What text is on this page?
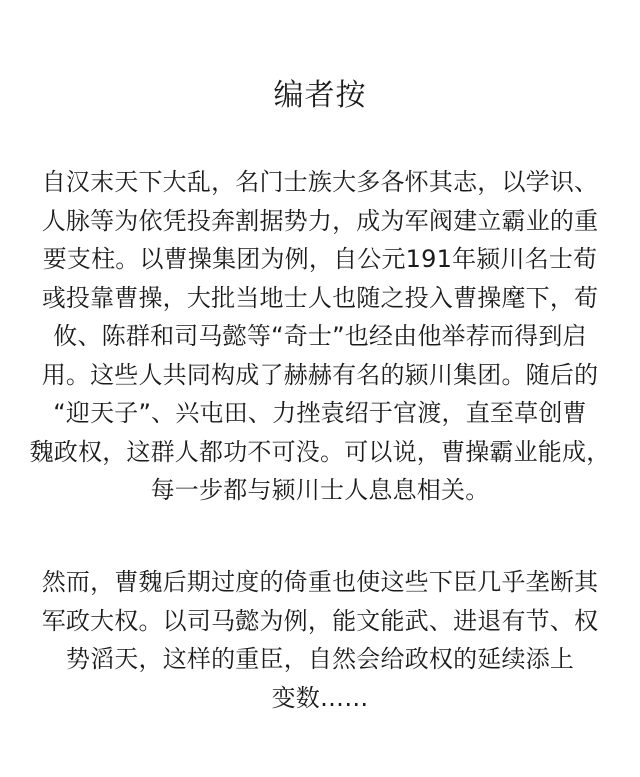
编者按
自汉末天下大乱，名门士族大多各怀其志，以学识、
人脉等为依凭投奔割据势力，成为军阀建立霸业的重
要支柱。以曹操集团为例，自公元191年颍川名士荀
彧投靠曹操，大批当地士人也随之投入曹操麾下，荀
攸、陈群和司马懿等“奇士”也经由他举荐而得到启
用。这些人共同构成了赫赫有名的颍川集团。随后的
“迎天子”、兴屯田、力挫袁绍于官渡，直至草创曹
魏政权，这群人都功不可没。可以说，曹操霸业能成，
每一步都与颍川士人息息相关。
然而，曹魏后期过度的倚重也使这些下臣几乎垄断其
军政大权。以司马懿为例，能文能武、进退有节、权
势滔天，这样的重臣，自然会给政权的延续添上
变数……
